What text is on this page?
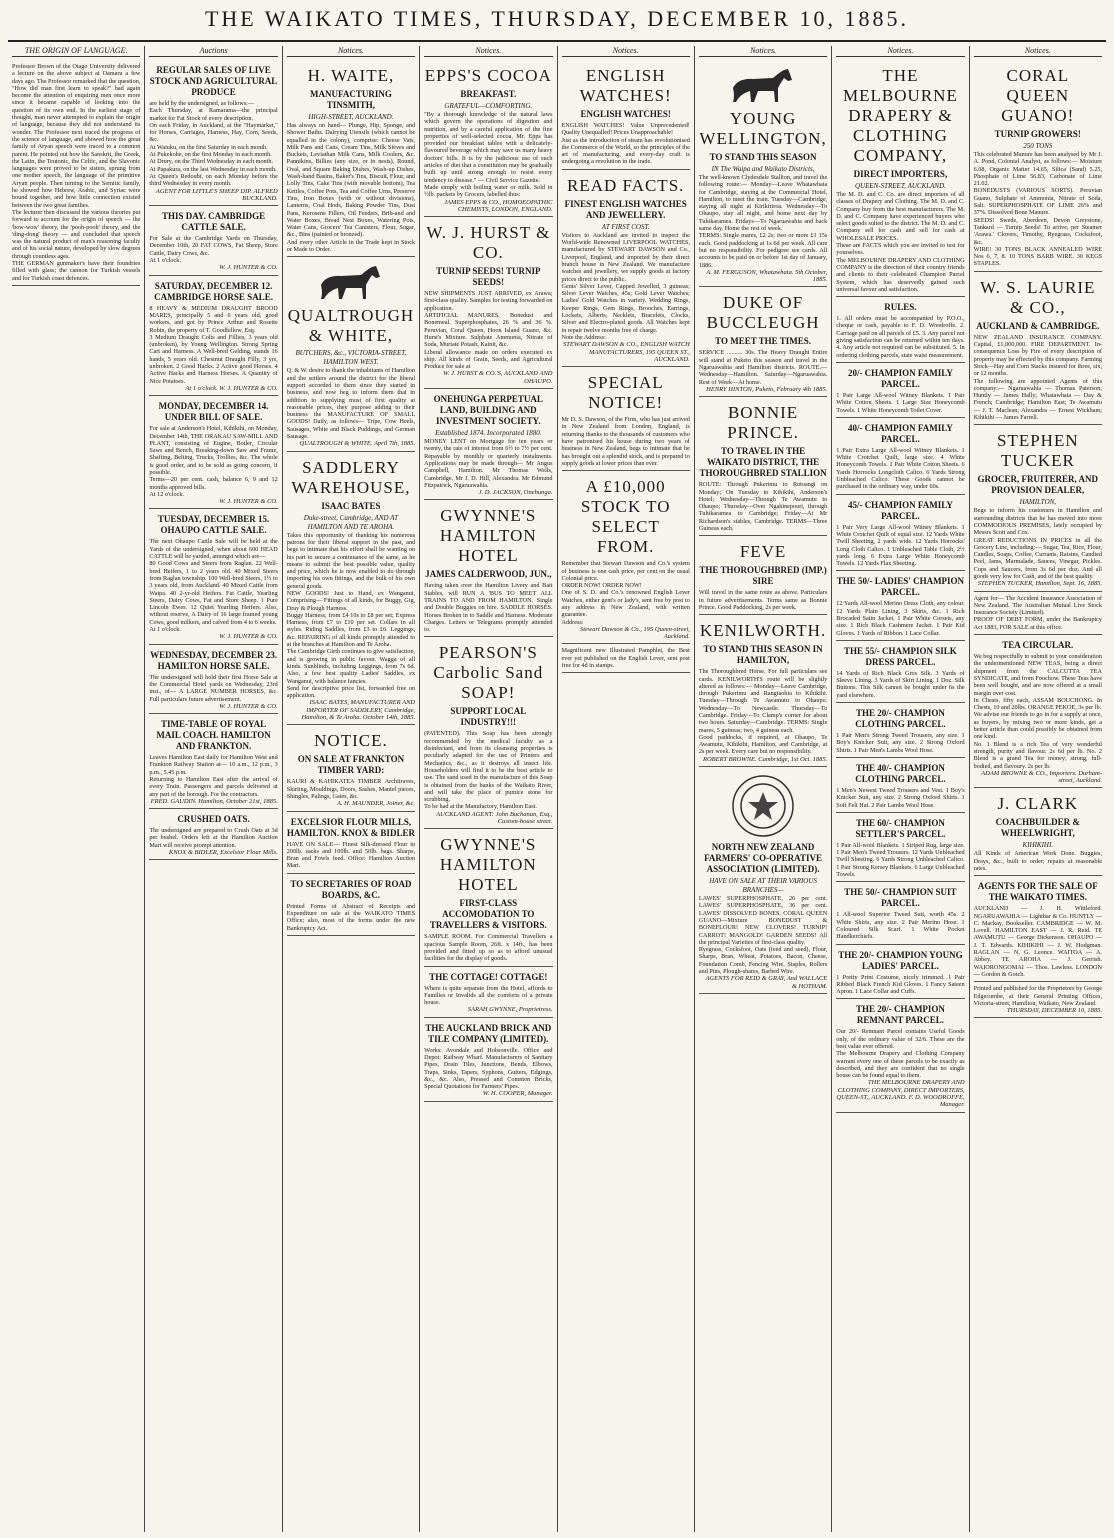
THE WAIKATO TIMES, THURSDAY, DECEMBER 10, 1885.
THE ORIGIN OF LANGUAGE.

Professor Brown of the Otago University delivered a lecture on the above subject at Oamaru a few days ago. The Professor remarked that the question, "How did man first learn to speak?" had again become the attention of enquiring men once more since it became capable of looking into the question of its own end. In the earliest stage of thought, man never attempted to explain the origin of language, because they did not understand its wonder. The Professor next traced the progress of the science of language, and showed how the great family of Aryan speech were traced to a common parent. He pointed out how the Sanskrit, the Greek, the Latin, the Teutonic, the Celtic, and the Slavonic languages were proved to be sisters, sprung from one mother speech, the language of the primitive Aryan people. Then turning to the Semitic family, he showed how Hebrew, Arabic, and Syriac were bound together, and how little connection existed between the two great families.

The lecturer then discussed the various theories put forward to account for the origin of speech — the 'bow-wow' theory, the 'pooh-pooh' theory, and the 'ding-dong' theory — and concluded that speech was the natural product of man's reasoning faculty and of his social nature, developed by slow degrees through countless ages.

THE GERMAN gunmaker's have their foundries filled with glass; the cannon for Turkish vessels and for Turkish coast defences.

Auctions
REGULAR SALES OF LIVE STOCK AND AGRICULTURAL PRODUCE

are held by the undersigned, as follows:—

Each Thursday, at Ramarama—the principal market for Fat Stock of every description.

On each Friday, in Auckland, at the "Haymarket," for Horses, Carriages, Harness, Hay, Corn, Seeds, &c.

At Waiuku, on the first Saturday in each month.

At Pukekohe, on the first Monday in each month.

At Drury, on the Third Wednesday in each month.

At Papakura, on the last Wednesday in each month.

At Queen's Redoubt, on each Monday before the third Wednesday in every month.

AGENT FOR LITTLE'S SHEEP DIP. ALFRED BUCKLAND.
THIS DAY. CAMBRIDGE CATTLE SALE.

For Sale at the Cambridge Yards on Thursday, December 10th, 20 FAT COWS, Fat Sheep, Store Cattle, Dairy Cows, &c.

At 1 o'clock.

W. J. HUNTER & CO.
SATURDAY, DECEMBER 12. CAMBRIDGE HORSE SALE.

8 HEAVY & MEDIUM DRAUGHT BROOD MARES, principally 5 and 6 years old, good workers, and got by Prince Arthur and Rosette Robin, the property of T. Goodfellow, Esq.

3 Medium Draught Colts and Fillies, 3 years old (unbroken), by Young Wellington. Strong Spring Cart and Harness. A Well-bred Gelding, stands 16 hands, 5 years old. Chestnut Draught Filly, 3 yrs, unbroken. 2 Good Hacks. 2 Active good Horses. 4 Active Hacks and Harness Horses. A Quantity of Nice Potatoes.

At 1 o'clock. W. J. HUNTER & CO.
MONDAY, DECEMBER 14. UNDER BILL OF SALE.

For sale at Anderson's Hotel, Kihikihi, on Monday, December 14th, THE ORAKAU SAW-MILL AND PLANT, consisting of Engine, Boiler, Circular Saws and Bench, Breaking-down Saw and Frame, Shafting, Belting, Trucks, Trollies, &c. The whole is good order, and to be sold as going concern, if possible.

Terms—20 per cent. cash, balance 6, 9 and 12 months approved bills.

At 12 o'clock.

W. J. HUNTER & CO.
TUESDAY, DECEMBER 15. OHAUPO CATTLE SALE.

The next Ohaupo Cattle Sale will be held at the Yards of the undersigned, when about 600 HEAD CATTLE will be yarded, amongst which are—

80 Good Cows and Steers from Raglan. 22 Well-bred Heifers, 1 to 2 years old. 40 Mixed Steers from Raglan township. 100 Well-bred Steers, 1½ to 3 years old, from Auckland. 40 Mixed Cattle from Waipa. 40 2-yr-old Heifers. Fat Cattle, Yearling Steers, Dairy Cows, Fat and Store Sheep. 1 Pure Lincoln Ewes. 12 Quiet Yearling Heifers. Also, without reserve, A Dairy of 16 large framed young Cows, good milkers, and calved from 4 to 6 weeks.

At 1 o'clock.

W. J. HUNTER & CO.
WEDNESDAY, DECEMBER 23. HAMILTON HORSE SALE.

The undersigned will hold their first Horse Sale at the Commercial Hotel yards on Wednesday, 23rd inst., of— A LARGE NUMBER HORSES, &c. Full particulars future advertisement.

W. J. HUNTER & CO.
TIME-TABLE OF ROYAL MAIL COACH. HAMILTON AND FRANKTON.

Leaves Hamilton East daily for Hamilton West and Frankton Railway Station at— 10 a.m., 12 p.m., 3 p.m., 5.45 p.m.

Returning to Hamilton East after the arrival of every Train. Passengers and parcels delivered at any part of the borough. For the contractors.

FRED. GAUDIN. Hamilton, October 21st, 1885.
CRUSHED OATS.

The undersigned are prepared to Crush Oats at 3d per bushel. Orders left at the Hamilton Auction Mart will receive prompt attention.

KNOX & BIDLER, Excelsior Flour Mills.
Notices.
H. WAITE,
MANUFACTURING TINSMITH,
HIGH-STREET, AUCKLAND.

Has always on hand— Plunge, Hip, Sponge, and Shower Baths. Dairying Utensils (which cannot be equalled in the colony), comprise: Cheese Vats, Milk Pans and Cans, Cream Tins, Milk Sieves and Buckets, Leviathan Milk Cans, Milk Coolers, &c. Pannikins, Billies (any size, or in nests), Round, Oval, and Square Baking Dishes, Wash-up Dishes, Wash-hand Basins, Baker's Tins, Biscuit, Flour, and Lolly Tins, Cake Tins (with movable bottom), Tea Kettles, Coffee Pots, Tea and Coffee Urns, Preserve Tins, Iron Boxes (with or without divisions), Lanterns, Coal Hods, Baking Powder Tins, Dust Pans, Kerosene Fillers, Oil Feeders, Brib-and and Water Boxes, Bread Nest Boxes, Watering Pots, Water Cans, Grocers' Tea Canisters, Flour, Sugar, &c., Bins (painted or bronzed).

And every other Article in the Trade kept in Stock or Made to Order.

QUALTROUGH & WHITE,
BUTCHERS, &c., VICTORIA-STREET, HAMILTON WEST.

Q. & W. desire to thank the inhabitants of Hamilton and the settlers around the district for the liberal support accorded to them since they started in business, and now beg to inform them that in addition to supplying most of first quality at reasonable prices, they purpose adding to their business the MANUFACTURE OF SMALL GOODS! Daily, as follows— Tripe, Cow Heels, Sausages, White and Black Puddings, and German Sausage.

QUALTROUGH & WHITE. April 7th, 1885.
SADDLERY WAREHOUSE,
ISAAC BATES
Duke-street, Cambridge, AND AT HAMILTON AND TE AROHA.

Takes this opportunity of thanking his numerous patrons for their liberal support in the past, and begs to intimate that his effort shall be wanting on his part to secure a continuance of the same, as he means to submit the best possible value, quality and price, which he is now enabled to do through importing his own fittings, and the bulk of his own general goods.

NEW GOODS! Just to Hand, ex Wanganui, Comprising— Fittings of all kinds, for Buggy, Gig, Dray & Plough Harness.

Buggy Harness, from £4 10s to £8 per set; Express Harness, from £7 to £10 per set. Collars in all styles. Riding Saddles, from £3 to £6. Leggings, &c. REPAIRING of all kinds promptly attended to at the branches at Hamilton and Te Aroha.

The Cambridge Girth continues to give satisfaction, and is growing in public favour. Wagga of all kinds. Sunblinds, including Leggings, from 7s 6d. Also, a few best quality Ladies' Saddles, ex Wanganui, with balance fancies.

Send for descriptive price list, forwarded free on application.

ISAAC BATES, MANUFACTURER AND IMPORTER OF SADDLERY, Cambridge, Hamilton, & Te Aroha. October 14th, 1885.
NOTICE.
ON SALE AT FRANKTON TIMBER YARD:

KAURI & KAHIKATEA TIMBER Architraves, Skirting, Mouldings, Doors, Sashes, Mantel pieces, Shingles, Palings, Gates, &c.

A. H. MAUNDER, Joiner, &c.
EXCELSIOR FLOUR MILLS, HAMILTON. KNOX & BIDLER

HAVE ON SALE— Finest Silk-dressed Flour in 200lb. sacks and 100lb. and 50lb. bags. Sharps, Bran and Fowls feed. Office: Hamilton Auction Mart.

TO SECRETARIES OF ROAD BOARDS, &C.

Printed Forms of Abstract of Receipts and Expenditure on sale at the WAIKATO TIMES Office; also, most of the forms under the new Bankruptcy Act.

Notices.
EPPS'S COCOA
BREAKFAST.
GRATEFUL—COMFORTING.

"By a thorough knowledge of the natural laws which govern the operations of digestion and nutrition, and by a careful application of the fine properties of well-selected cocoa, Mr. Epps has provided our breakfast tables with a delicately-flavoured beverage which may save us many heavy doctors' bills. It is by the judicious use of such articles of diet that a constitution may be gradually built up until strong enough to resist every tendency to disease." — Civil Service Gazette.

Made simply with boiling water or milk. Sold in ½lb. packets by Grocers, labelled thus:

JAMES EPPS & CO., HOMOEOPATHIC CHEMISTS, LONDON, ENGLAND.
W. J. HURST & CO.
TURNIP SEEDS! TURNIP SEEDS!

NEW SHIPMENTS JUST ARRIVED, ex Arawa; first-class quality. Samples for testing forwarded on application.

ARTIFICIAL MANURES. Bonedust and Bonemeal. Superphosphates, 26 % and 36 %. Peruvian, Coral Queen, Hoon Island Guano, &c. Hurst's Mixture. Sulphate Ammonia, Nitrate of Soda, Muriate Potash, Kainit, &c.

Liberal allowance made on orders executed ex ship. All kinds of Grain, Seeds, and Agricultural Produce for sale at

W. J. HURST & CO.'S, AUCKLAND AND OHAUPO.
ONEHUNGA PERPETUAL LAND, BUILDING AND INVESTMENT SOCIETY.
Established 1874. Incorporated 1880.

MONEY LENT on Mortgage for ten years or twenty, the rate of interest from 6½ to 7½ per cent. Repayable by monthly or quarterly instalments. Applications may be made through— Mr Angus Campbell, Hamilton. Mr Thomas Wells, Cambridge. Mr J. D. Hill, Alexandra. Mr Edmund Fitzpatrick, Ngaruawahia.

J. D. JACKSON, Onehunga.
GWYNNE'S HAMILTON HOTEL
JAMES CALDERWOOD, JUN.,

Having taken over the Hamilton Livery and Bait Stables, will RUN A 'BUS TO MEET ALL TRAINS TO AND FROM HAMILTON. Single and Double Buggies on hire. SADDLE HORSES. Horses Broken in to Saddle and Harness. Moderate Charges. Letters or Telegrams promptly attended to.

PEARSON'S Carbolic Sand SOAP!
SUPPORT LOCAL INDUSTRY!!!

(PATENTED). This Soap has been strongly recommended by the medical faculty as a disinfectant, and from its cleansing properties is peculiarly adapted for the use of Printers and Mechanics, &c., as it destroys all insect life. Householders will find it to be the best article to use. The sand used in the manufacture of this Soap is obtained from the banks of the Waikato River, and will take the place of pumice stone for scrubbing.

To be had at the Manufactory, Hamilton East.

AUCKLAND AGENT: John Buchanan, Esq., Custom-house street.
GWYNNE'S HAMILTON HOTEL
FIRST-CLASS ACCOMODATION TO TRAVELLERS & VISITORS.

SAMPLE ROOM. For Commercial Travellers a spacious Sample Room, 26ft. x 14ft., has been provided and fitted up so as to afford unusual facilities for the display of goods.

THE COTTAGE! COTTAGE!

Where is quite separate from the Hotel, affords to Families or Invalids all the comforts of a private house.

SARAH GWYNNE, Proprietress.
THE AUCKLAND BRICK AND TILE COMPANY (LIMITED).

Works: Avondale and Hobsonville. Office and Depot: Railway Wharf. Manufacturers of Sanitary Pipes, Drain Tiles, Junctions, Bends, Elbows, Traps, Sinks, Tapers, Syphons, Gutters, Edgings, &c., &c. Also, Pressed and Common Bricks, Special Quotations for Farmers' Pipes.

W. H. COOPER, Manager.
Notices.
ENGLISH WATCHES!
ENGLISH WATCHES!

ENGLISH WATCHES! Value Unprecedented! Quality Unequalled! Prices Unapproachable!

Just as the introduction of steam has revolutionised the Commerce of the World, so the principles of the art of manufacturing, and every-day craft is undergoing a revolution in the trade.

READ FACTS.
FINEST ENGLISH WATCHES AND JEWELLERY.
AT FIRST COST.

Visitors to Auckland are invited to inspect the World-wide Renowned LIVERPOOL WATCHES, manufactured by STEWART DAWSON and Co., Liverpool, England, and imported by their direct branch house in New Zealand. We manufacture watches and jewellery, we supply goods at factory prices direct to the public.

Gents' Silver Lever, Capped Jewelled, 3 guineas; Silver Lever Watches, 45s; Gold Lever Watches; Ladies' Gold Watches in variety. Wedding Rings, Keeper Rings, Gem Rings, Brooches, Earrings, Lockets, Alberts, Necklets, Bracelets, Clocks, Silver and Electro-plated goods. All Watches kept in repair twelve months free of charge.

Note the Address:

STEWART DAWSON & CO., ENGLISH WATCH MANUFACTURERS, 195 QUEEN ST., AUCKLAND.
SPECIAL NOTICE!

Mr D. S. Dawson, of the Firm, who has just arrived in New Zealand from London, England, is returning thanks to the thousands of customers who have patronised his house during two years of business in New Zealand, begs to intimate that he has brought out a splendid stock, and is prepared to supply goods at lower prices than ever.

A £10,000 STOCK TO SELECT FROM.

Remember that Stewart Dawson and Co.'s system of business is one cash price, per cent on the usual Colonial price.

ORDER NOW! ORDER NOW!

One of S. D. and Co.'s renowned English Lever Watches, either gent's or lady's, sent free by post to any address in New Zealand, with written guarantee.

Address:

Stewart Dawson & Co., 195 Queen-street, Auckland.

Magnificent new Illustrated Pamphlet, the Best ever yet published on the English Lever, sent post free for 4d in stamps.

Notices.
YOUNG WELLINGTON,
TO STAND THIS SEASON
IN The Waipa and Waikato Districts,

The well-known Clydesdale Stallion, and travel the following route:— Monday—Leave Whatawhata for Cambridge, staying at the Commercial Hotel, Hamilton, to meet the train. Tuesday—Cambridge, staying all night at Kirikiriroa. Wednesday—To Ohaupo, stay all night, and home next day by Tuhikaramea. Fridays—To Ngaruawahia and back same day. Home the rest of week.

TERMS: Single mares, £2 2s; two or more £1 15s each. Good paddocking at 1s 6d per week. All care but no responsibility. For pedigree see cards. All accounts to be paid on or before 1st day of January, 1886.

A. M. FERGUSON, Whatawhata. 5th October, 1885.
DUKE OF BUCCLEUGH
TO MEET THE TIMES.

SERVICE .......... 30s. The Heavy Draught Entire will stand at Puketo this season and travel in the Ngaruawahia and Hamilton districts. ROUTE.— Wednesday—Hamilton. Saturday—Ngaruawahia. Rest of Week—At home.

HENRY HINTON, Puketo, February 4th 1885.
BONNIE PRINCE.
TO TRAVEL IN THE WAIKATO DISTRICT, THE THOROUGHBRED STALLION

ROUTE: Through Pukerimu to Rotoangi on Monday; On Tuesday to Kihikihi, Anderson's Hotel; Wednesday—Through Te Awamutu to Ohaupo; Thursday—Over Ngahinepouri, through Tuhikaramea to Cambridge; Friday—At Mr Richardson's stables, Cambridge. TERMS—Three Guineas each.

FEVE
THE THOROUGHBRED (IMP.) SIRE

Will travel in the same route as above. Particulars in future advertisements. Terms same as Bonnie Prince. Good Paddocking, 2s per week.

KENILWORTH.
TO STAND THIS SEASON IN HAMILTON,

The Thoroughbred Horse. For full particulars see cards. KENILWORTH'S route will be slightly altered as follows:— Monday—Leave Cambridge, through Pukerimu and Rangiaohia to Kihikihi. Tuesday—Through Te Awamutu to Ohaupo. Wednesday—To Newcastle. Thursday—To Cambridge. Friday—To Clamp's corner for about two hours. Saturday—Cambridge. TERMS: Single mares, 5 guineas; two, 4 guineas each.

Good paddocks, if required, at Ohaupo, Te Awamutu, Kihikihi, Hamilton, and Cambridge, at 2s per week. Every care but no responsibility.

ROBERT BROWNE. Cambridge, 1st Oct. 1885.
NORTH NEW ZEALAND FARMERS' CO-OPERATIVE ASSOCIATION (LIMITED).
HAVE ON SALE AT THEIR VARIOUS BRANCHES—

LAWES' SUPERPHOSPHATE, 26 per cent. LAWES' SUPERPHOSPHATE, 36 per cent. LAWES' DISSOLVED BONES. CORAL QUEEN GUANO—Mixture BONEDUST & BONEFLOUR! NEW CLOVERS! TURNIP! CARROT! MANGOLD! GARDEN SEEDS! All the principal Varieties of first-class quality.

Ryegrass, Cocksfoot, Oats (feed and seed), Flour, Sharps, Bran, Wheat, Potatoes, Bacon, Cheese, Foundation Comb, Fencing Wire, Staples, Rollers and Pins, Plough-shares, Barbed Wire.

AGENTS FOR REID & GRAY, And WALLACE & HOTHAM.
Notices.
THE MELBOURNE DRAPERY & CLOTHING COMPANY,
DIRECT IMPORTERS,
QUEEN-STREET, AUCKLAND.

The M. D. and C. Co. are direct importers of all classes of Drapery and Clothing. The M. D. and C. Company buy from the best manufacturers. The M. D. and C. Company have experienced buyers who select goods suited to the district. The M. D. and C. Company sell for cash and sell for cash at WHOLESALE PRICES.

These are FACTS which you are invited to test for yourselves.

The MELBOURNE DRAPERY AND CLOTHING COMPANY is the direction of their country friends and clients to their celebrated Champion Parcel System, which has deservedly gained such universal favour and satisfaction.

RULES.

1. All orders must be accompanied by P.O.O., cheque or cash, payable to F. D. Woodroffe. 2. Carriage paid on all parcels of £5. 3. Any parcel not giving satisfaction can be returned within ten days. 4. Any article not required can be substituted. 5. In ordering clothing parcels, state waist measurement.

20/- CHAMPION FAMILY PARCEL.

1 Pair Large All-wool Witney Blankets. 1 Pair White Cotton Sheets. 1 Large Size Honeycomb Towels. 1 White Honeycomb Toilet Cover.

40/- CHAMPION FAMILY PARCEL.

1 Pair Extra Large All-wool Witney Blankets. 1 White Crotchet Quilt, large size. 4 White Honeycomb Towels. 1 Pair White Cotton Sheets. 6 Yards Horrocks Longcloth Calico. 6 Yards Strong Unbleached Calico. These Goods cannot be purchased in the ordinary way, under 60s.

45/- CHAMPION FAMILY PARCEL.

1 Pair Very Large All-wool Witney Blankets. 1 White Crotchet Quilt of equal size. 12 Yards White Twill Sheeting, 2 yards wide. 12 Yards Horrocks' Long Cloth Calico. 1 Unbleached Table Cloth, 2½ yards long. 6 Extra Large White Honeycomb Towels. 12 Yards Flax Sheeting.

THE 50/- LADIES' CHAMPION PARCEL.

12 Yards All-wool Merino Dress Cloth, any colour. 12 Yards Plain Lining, 3 Skirts, &c. 1 Rich Brocaded Satin Jacket. 1 Pair White Corsets, any size. 1 Rich Black Cashmere Jacket. 1 Pair Kid Gloves. 1 Yards of Ribbon. 1 Lace Collar.

THE 55/- CHAMPION SILK DRESS PARCEL.

14 Yards of Rich Black Gros Silk. 3 Yards of Sleeve Lining. 3 Yards of Skirt Lining. 1 Doz. Silk Buttons. This Silk cannot be bought under 6s the yard elsewhere.

THE 20/- CHAMPION CLOTHING PARCEL.

1 Pair Men's Strong Tweed Trousers, any size. 1 Boy's Knicker Suit, any size. 2 Strong Oxford Shirts. 1 Pair Men's Lambs Wool Hose.

THE 40/- CHAMPION CLOTHING PARCEL.

1 Men's Newest Tweed Trousers and Vest. 1 Boy's Knicker Suit, any size. 2 Strong Oxford Shirts. 1 Soft Felt Hat. 2 Pair Lambs Wool Hose.

THE 60/- CHAMPION SETTLER'S PARCEL.

1 Pair All-wool Blankets. 1 Striped Rug, large size. 1 Pair Men's Tweed Trousers. 12 Yards Unbleached Twill Sheeting. 6 Yards Strong Unbleached Calico. 1 Pair Strong Kersey Blankets. 6 Large Unbleached Towels.

THE 50/- CHAMPION SUIT PARCEL.

1 All-wool Superior Tweed Suit, worth 45s. 2 White Shirts, any size. 2 Pair Merino Hose. 1 Coloured Silk Scarf. 1 White Pocket Handkerchiefs.

THE 20/- CHAMPION YOUNG LADIES' PARCEL.

1 Pretty Print Costume, nicely trimmed. 1 Pair Ribbed Black French Kid Gloves. 1 Fancy Sateen Apron. 1 Lace Collar and Cuffs.

THE 20/- CHAMPION REMNANT PARCEL.

Our 20/- Remnant Parcel contains Useful Goods only, of the ordinary value of 32/6. These are the best value ever offered.

The Melbourne Drapery and Clothing Company warrant every one of these parcels to be exactly as described, and they are confident that no single house can be found equal to them.

THE MELBOURNE DRAPERY AND CLOTHING COMPANY, DIRECT IMPORTERS, QUEEN-ST., AUCKLAND. F. D. WOODROFFE, Manager.
Notices.
CORAL QUEEN GUANO!
TURNIP GROWERS!
250 TONS

This celebrated Manure has been analysed by Mr J. A. Pond, Colonial Analyst, as follows:— Moisture 6.08, Organic Matter 14.65, Silica (Sand) 5.25, Phosphate of Lime 56.83, Carbonate of Lime 21.02.

BONEDUSTS (VARIOUS SORTS). Peruvian Guano, Sulphate of Ammonia, Nitrate of Soda, Salt. SUPERPHOSPHATE OF LIME 26% and 37%. Dissolved Bone Manure.

SEEDS! Swede, Aberdeen, Devon Greystone, Tankard — Turnip Seeds! To arrive, per Steamer 'Arawa.' Clovers, Timothy, Ryegrass, Cocksfoot, &c.

WIRE! 30 TONS BLACK ANNEALED WIRE Nos 6, 7, 8. 10 TONS BARB WIRE. 30 KEGS STAPLES.

W. S. LAURIE & CO.,
AUCKLAND & CAMBRIDGE.

NEW ZEALAND INSURANCE COMPANY. Capital, £1,000,000. FIRE DEPARTMENT. In-consequence Loss by Fire of every description of property may be effected by this company. Farming Stock—Hay and Corn Stacks insured for three, six, or 12 months.

The following are appointed Agents of this company:— Ngaruawahia — Thomas Paterson; Huntly — James Hally; Whatawhata — Day & French; Cambridge; Hamilton East; Te Awamutu — J. T. Maclean; Alexandra — Ernest Wickham; Kihikihi — James Farrell.

STEPHEN TUCKER
GROCER, FRUITERER, AND PROVISION DEALER,
HAMILTON,

Begs to inform his customers in Hamilton and surrounding districts that he has moved into more COMMODIOUS PREMISES, lately occupied by Messrs Scott and Cox.

GREAT REDUCTIONS IN PRICES in all the Grocery Line, including:— Sugar, Tea, Rice, Flour, Candles, Soaps, Coffee, Currants, Raisins, Candied Peel, Jams, Marmalade, Sauces, Vinegar, Pickles. Cups and Saucers, from 3s 6d per doz. And all goods very low for Cash, and of the best quality.

STEPHEN TUCKER, Hamilton, Sept. 16, 1885.

Agent for— The Accident Insurance Association of New Zealand. The Australian Mutual Live Stock Insurance Society (Limited).

PROOF OF DEBT FORM, under the Bankruptcy Act 1883, FOR SALE at this office.

TEA CIRCULAR.

We beg respectfully to submit to your consideration the undermentioned NEW TEAS, being a direct shipment from the CALCUTTA TEA SYNDICATE, and from Foochow. These Teas have been well bought, and are now offered at a small margin over cost.

In Chests, fifty each, ASSAM BOUCHONG. In Chests, 10 and 20lbs. ORANGE PEKOE, 3s per lb.

We advise our friends to go in for a supply at once, as buyers, by mixing two or more kinds, get a better article than could possibly be obtained from one kind.

No. 1 Blend is a rich Tea of very wonderful strength, purity and flavour. 2s 6d per lb. No. 2 Blend is a grand Tea for money; strong, full-bodied, and flavoury. 2s per lb.

ADAM BROWNE & CO., Importers. Durham-street, Auckland.
J. CLARK
COACHBUILDER & WHEELWRIGHT,
KIHIKIHI.

All Kinds of American Work Done. Buggies, Drays, &c., built to order; repairs at reasonable rates.

AGENTS FOR THE SALE OF THE WAIKATO TIMES.

AUCKLAND — J. H. Wittleford. NGARUAWAHIA — Lightbar & Co. HUNTLY — C. Mackay, Bookseller. CAMBRIDGE — W. M. Lovell. HAMILTON EAST — J. R. Reid. TE AWAMUTU — George Dickenson. OHAUPO — J. T. Edwards. KIHIKIHI — J. W. Hodgman. RAGLAN — N. G. Leonce. WAITOA — A. Abbey. TE AROHA — J. Gerrish. WAIORONGOMAI — Thos. Lawless. LONDON — Gordon & Gotch.

Printed and published for the Proprietors by George Edgecumbe, at their General Printing Offices, Victoria-street, Hamilton, Waikato, New Zealand.

THURSDAY, DECEMBER 10, 1885.
